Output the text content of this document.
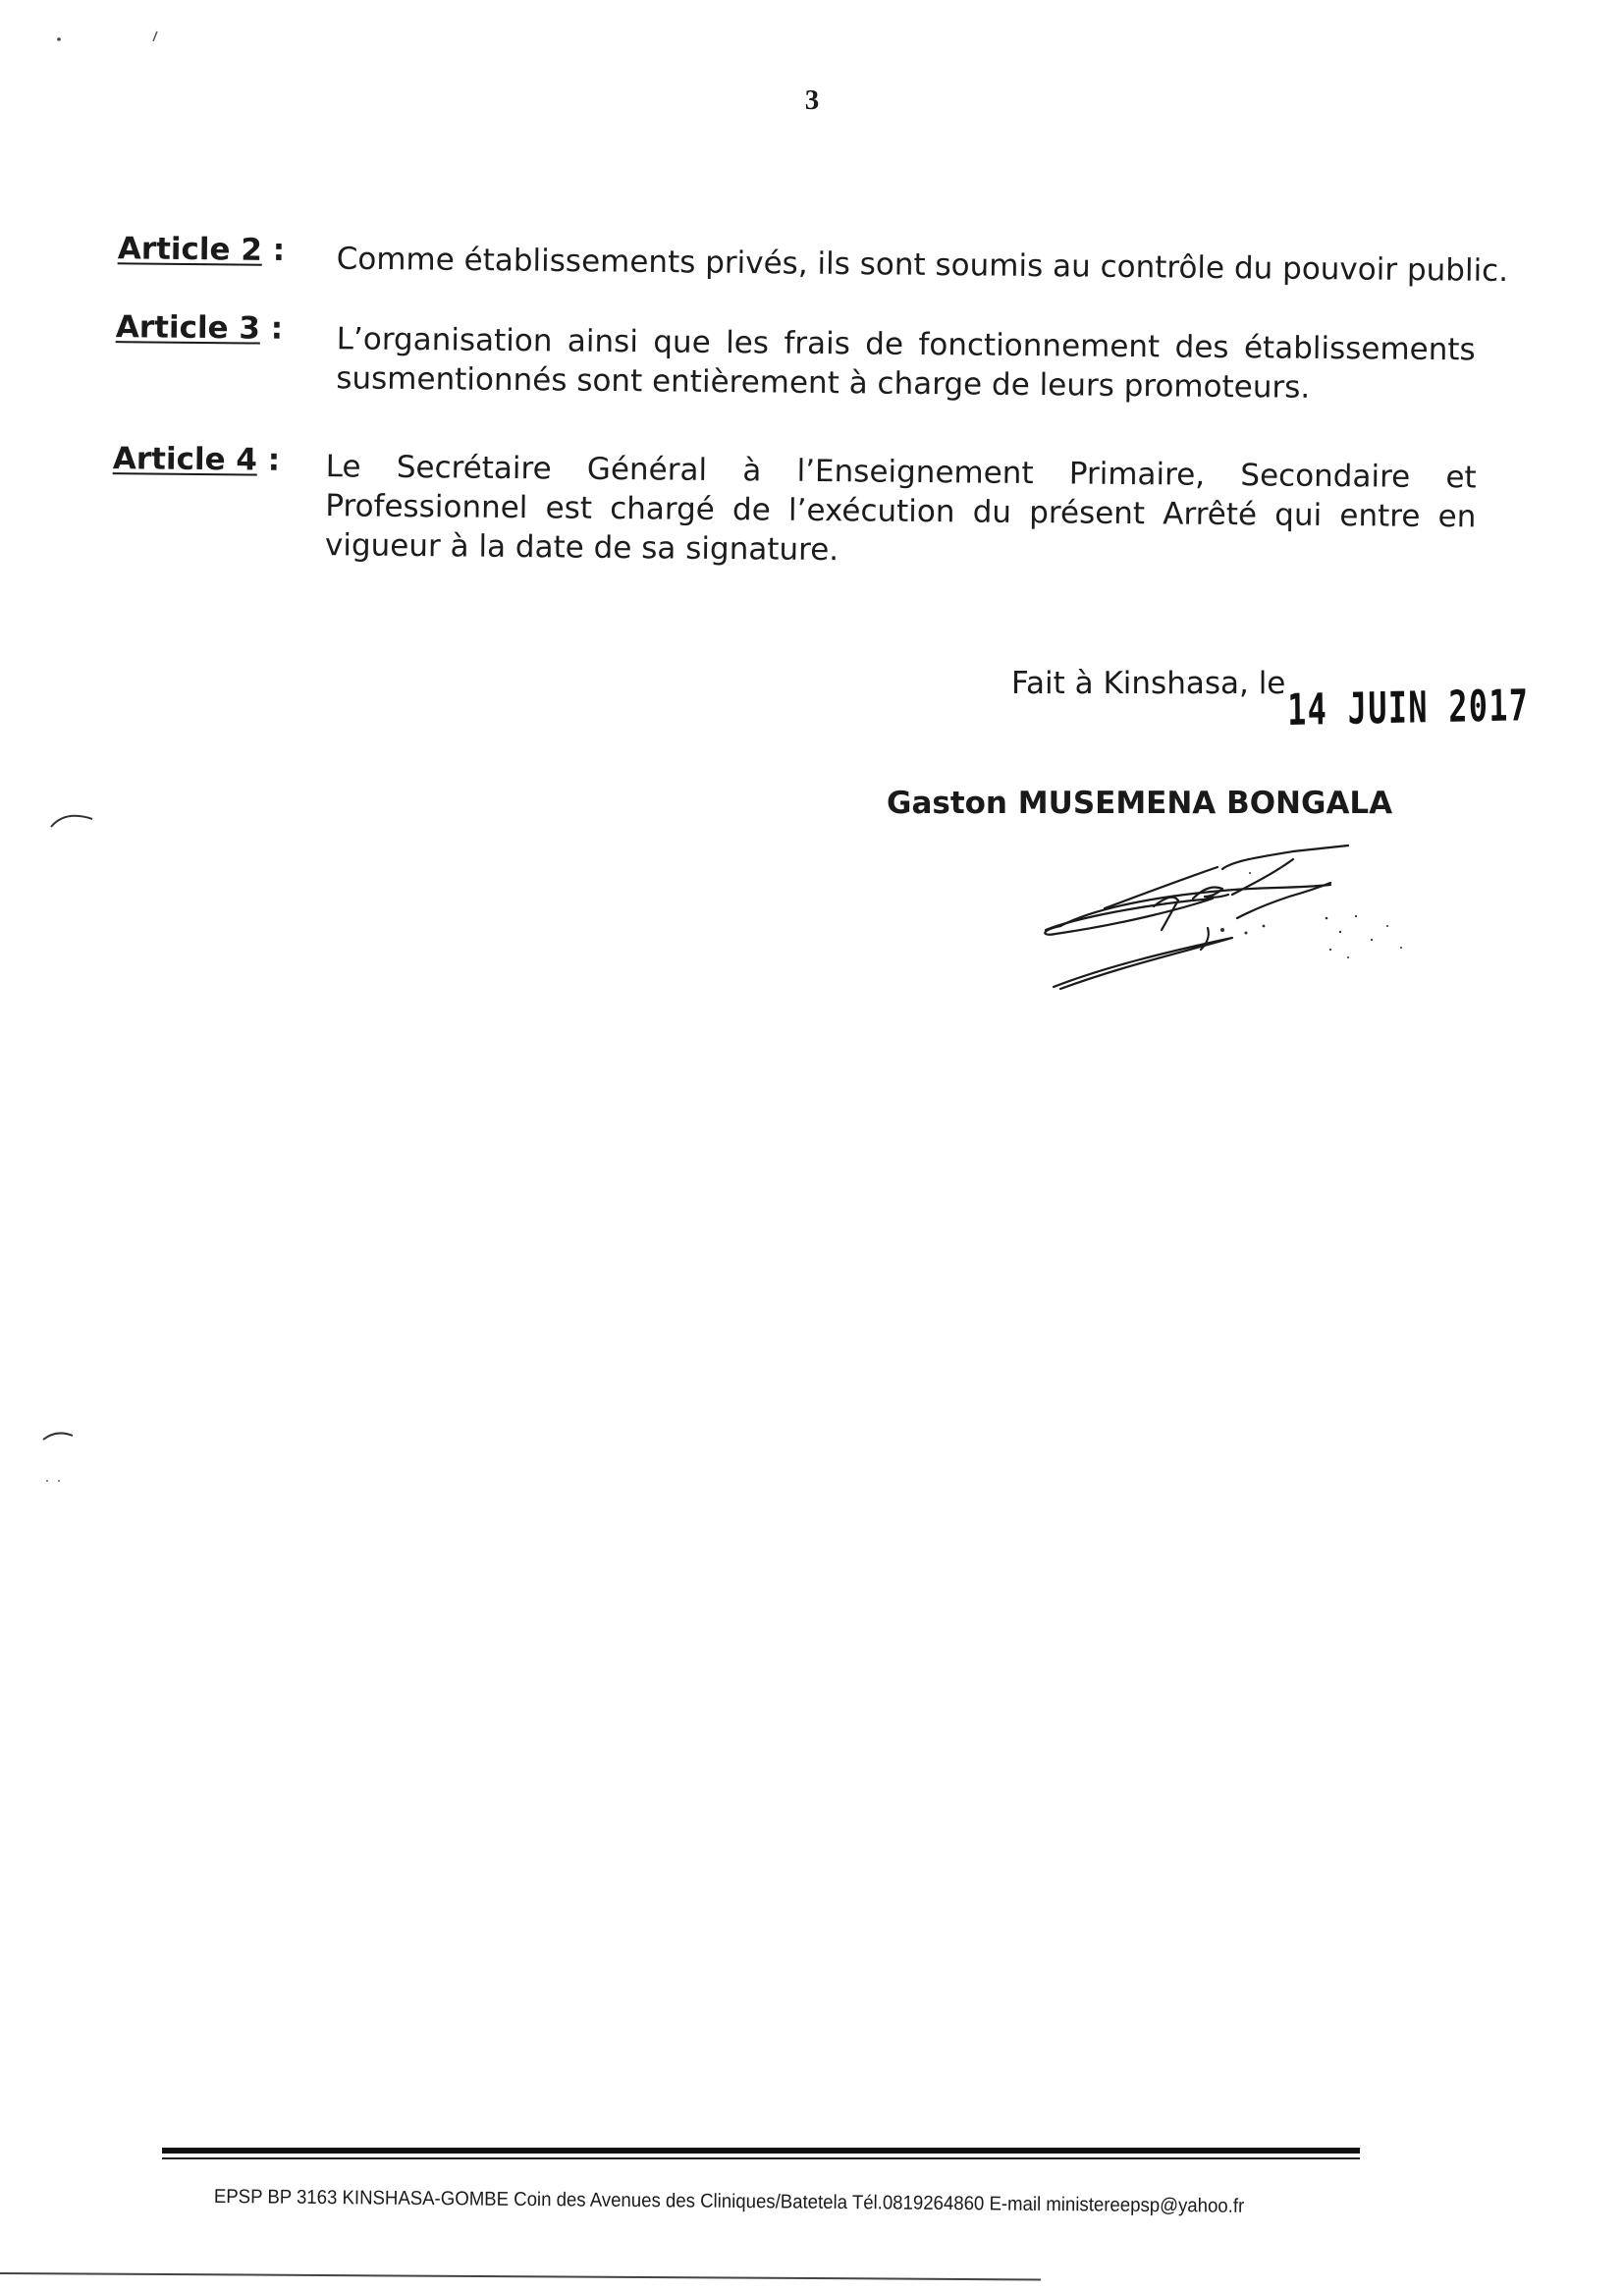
3
Article 2 : Comme établissements privés, ils sont soumis au contrôle du pouvoir public.
Article 3 : L’organisation ainsi que les frais de fonctionnement des établissements susmentionnés sont entièrement à charge de leurs promoteurs.
Article 4 : Le Secrétaire Général à l’Enseignement Primaire, Secondaire et Professionnel est chargé de l’exécution du présent Arrêté qui entre en vigueur à la date de sa signature.
Fait à Kinshasa, le 14 JUIN 2017
Gaston MUSEMENA BONGALA
EPSP BP 3163 KINSHASA-GOMBE Coin des Avenues des Cliniques/Batetela Tél.0819264860 E-mail ministereepsp@yahoo.fr
